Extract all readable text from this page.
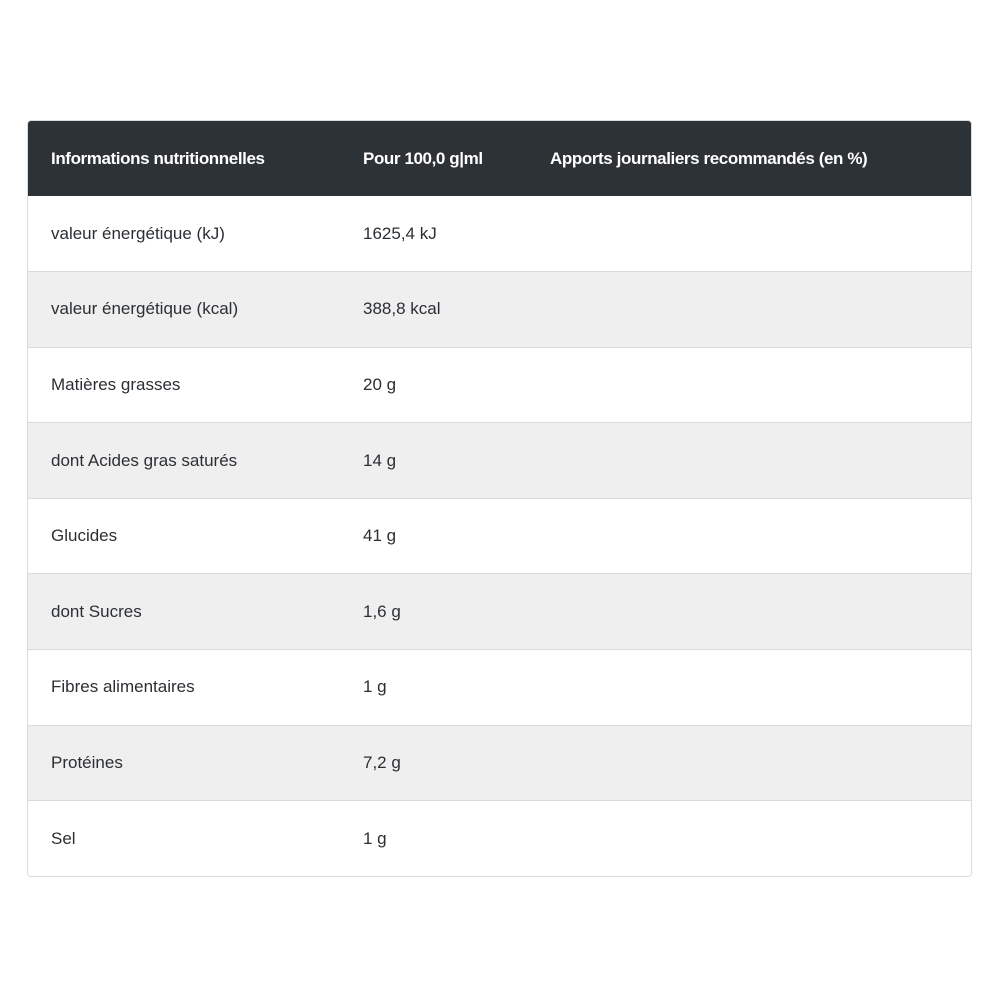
Informations nutritionnelles	Pour 100,0 g|ml	Apports journaliers recommandés (en %)
valeur énergétique (kJ)	1625,4 kJ	
valeur énergétique (kcal)	388,8 kcal	
Matières grasses	20 g	
dont Acides gras saturés	14 g	
Glucides	41 g	
dont Sucres	1,6 g	
Fibres alimentaires	1 g	
Protéines	7,2 g	
Sel	1 g	
